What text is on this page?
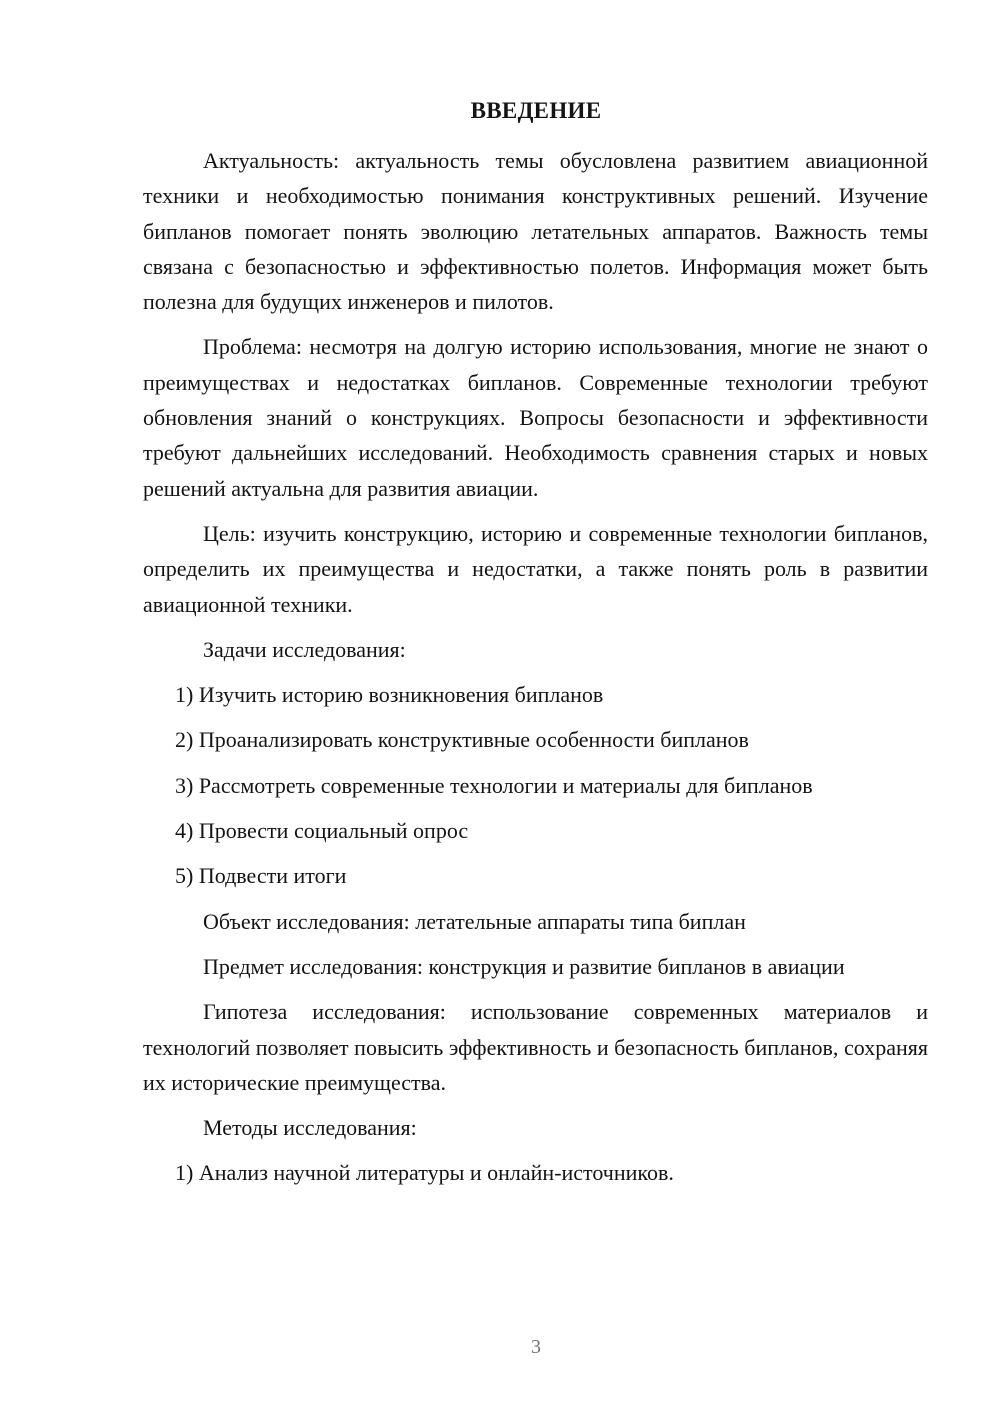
ВВЕДЕНИЕ

Актуальность: актуальность темы обусловлена развитием авиационной техники и необходимостью понимания конструктивных решений. Изучение бипланов помогает понять эволюцию летательных аппаратов. Важность темы связана с безопасностью и эффективностью полетов. Информация может быть полезна для будущих инженеров и пилотов.

Проблема: несмотря на долгую историю использования, многие не знают о преимуществах и недостатках бипланов. Современные технологии требуют обновления знаний о конструкциях. Вопросы безопасности и эффективности требуют дальнейших исследований. Необходимость сравнения старых и новых решений актуальна для развития авиации.

Цель: изучить конструкцию, историю и современные технологии бипланов, определить их преимущества и недостатки, а также понять роль в развитии авиационной техники.

Задачи исследования:

1) Изучить историю возникновения бипланов

2) Проанализировать конструктивные особенности бипланов

3) Рассмотреть современные технологии и материалы для бипланов

4) Провести социальный опрос

5) Подвести итоги

Объект исследования: летательные аппараты типа биплан

Предмет исследования: конструкция и развитие бипланов в авиации

Гипотеза исследования: использование современных материалов и технологий позволяет повысить эффективность и безопасность бипланов, сохраняя их исторические преимущества.

Методы исследования:

1) Анализ научной литературы и онлайн-источников.

3
